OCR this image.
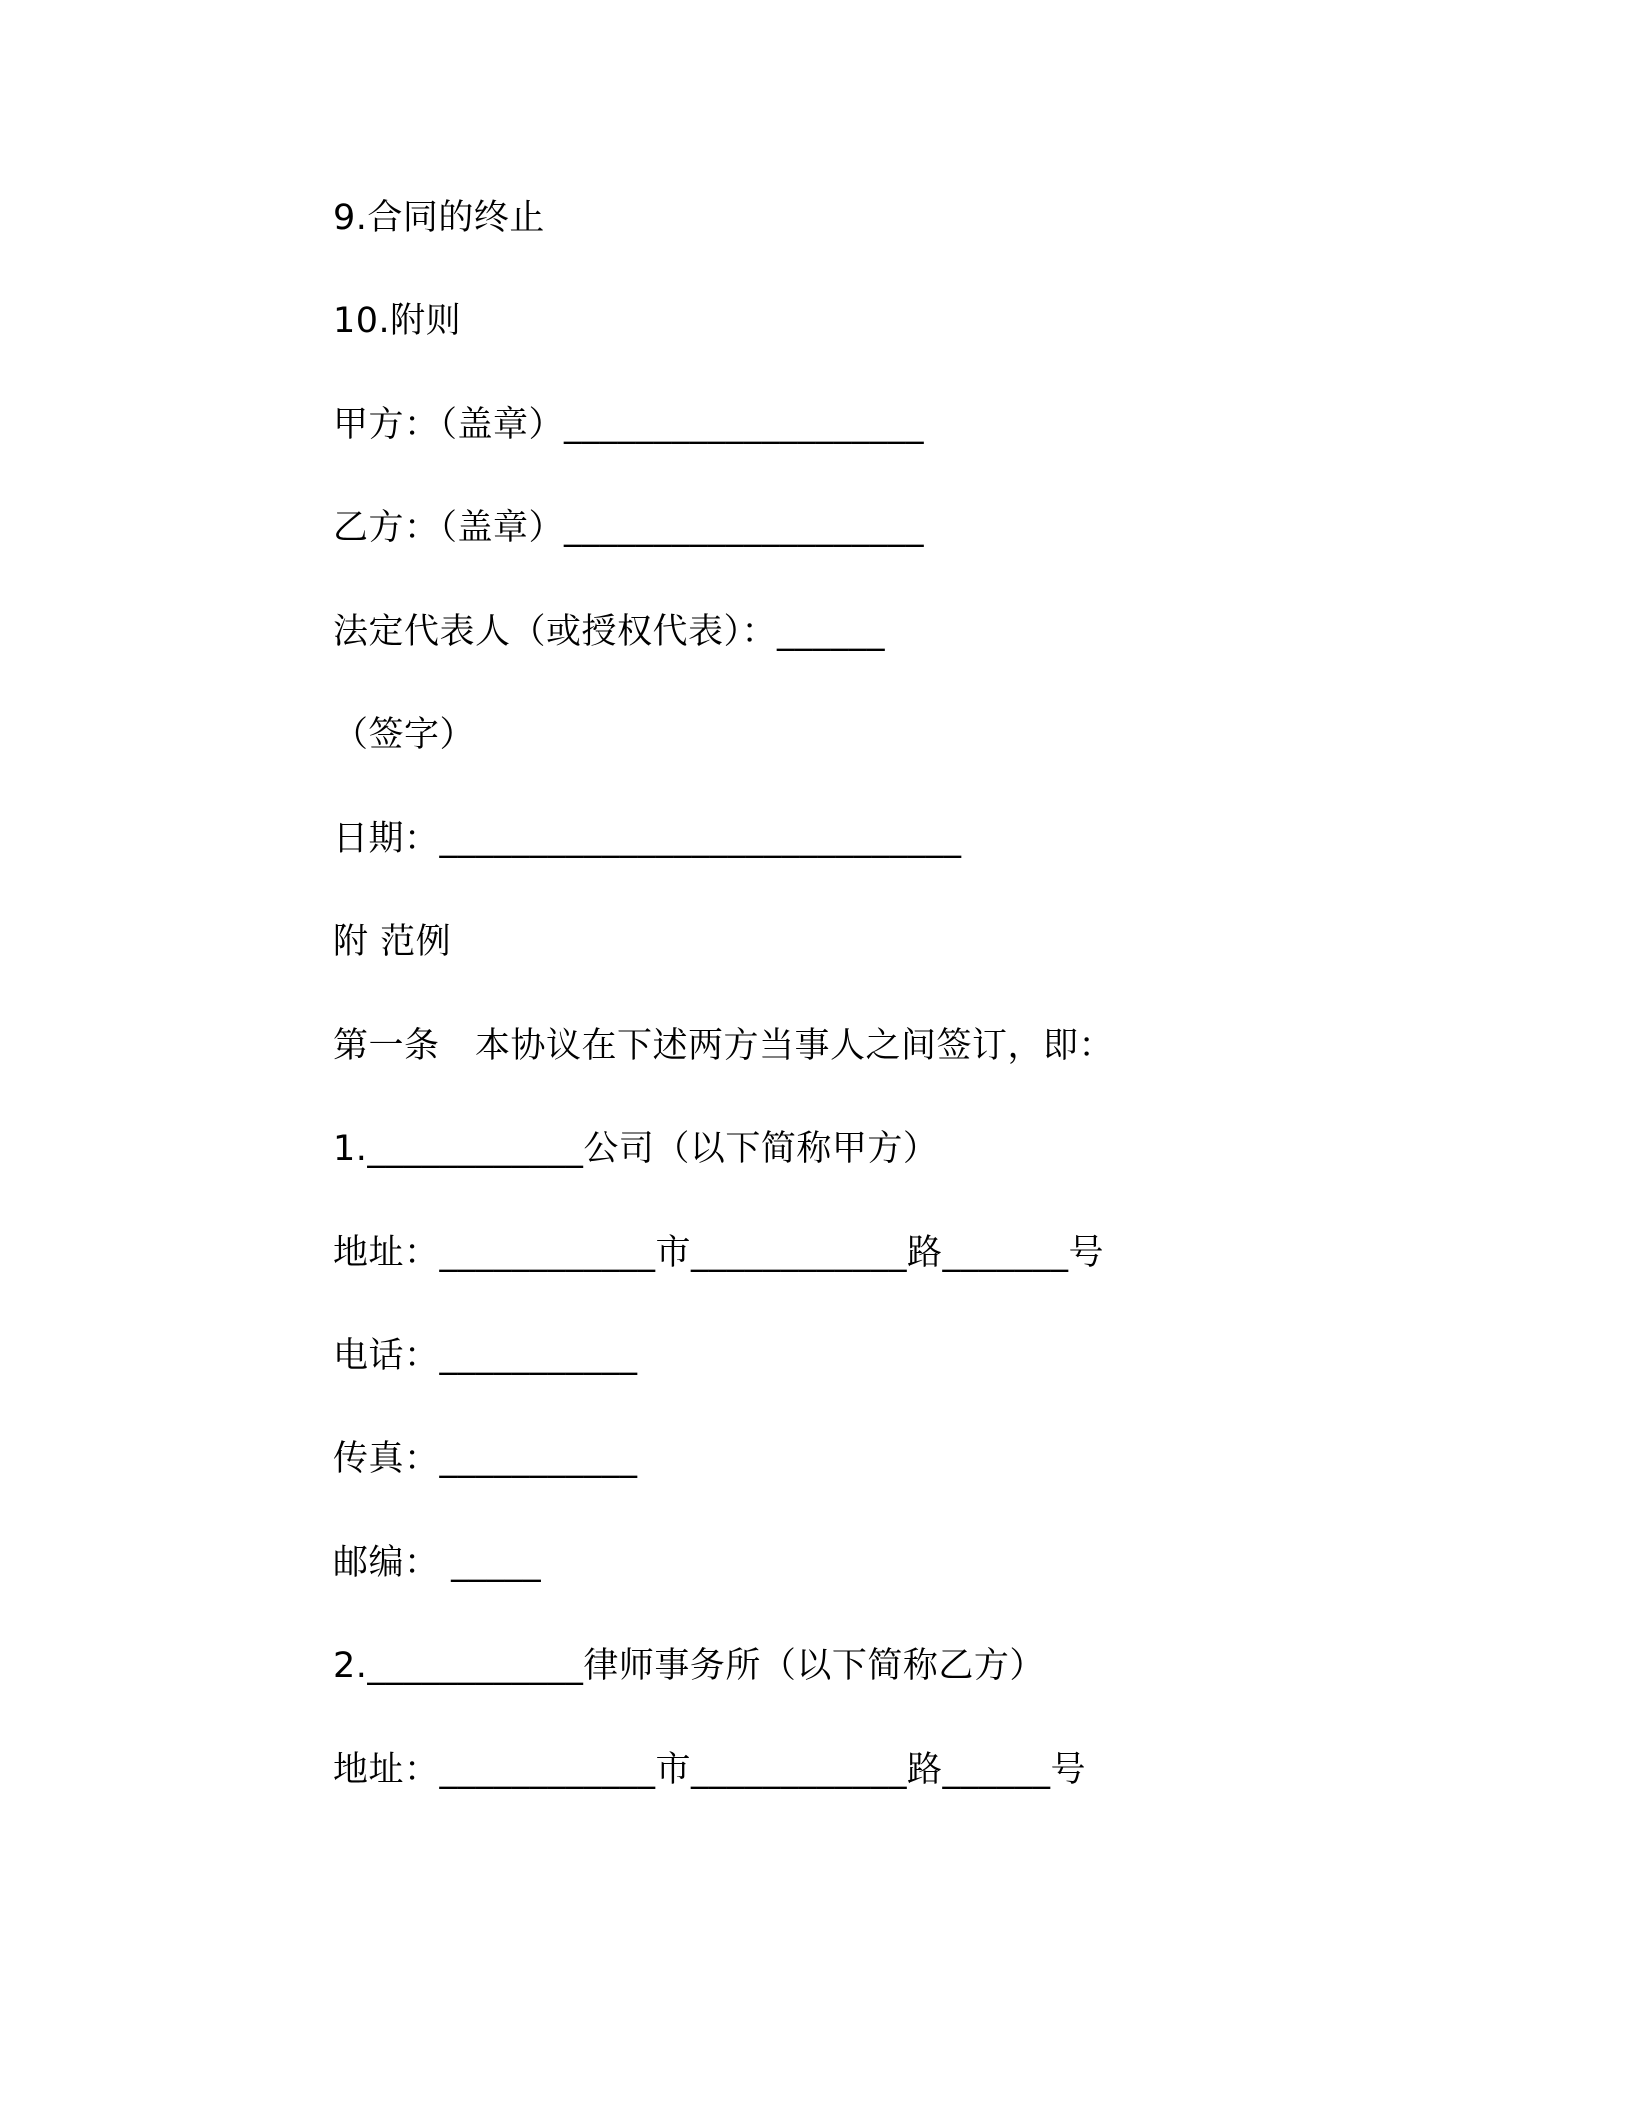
9.合同的终止
10.附则
甲方：（盖章）____________________
乙方：（盖章）____________________
法定代表人（或授权代表）：______
（签字）
日期：_____________________________
附 范例
第一条　本协议在下述两方当事人之间签订，即：
1.____________公司（以下简称甲方）
地址：____________市____________路_______号
电话：___________
传真：___________
邮编： _____
2.____________律师事务所（以下简称乙方）
地址：____________市____________路______号
